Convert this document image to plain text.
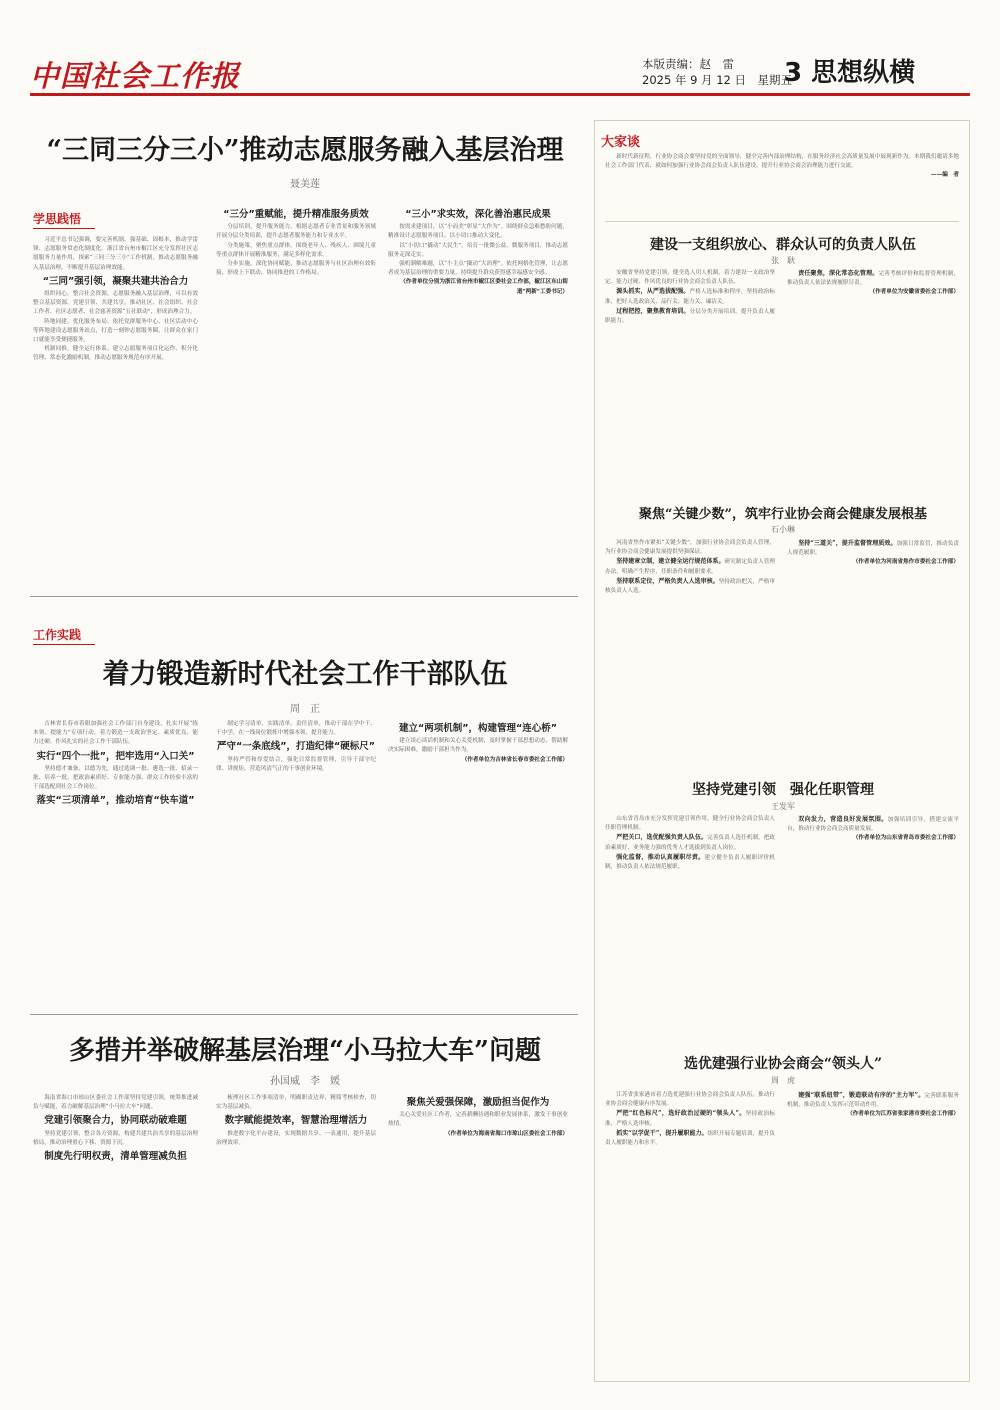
中国社会工作报	本版责编：赵　雷
2025 年 9 月 12 日　星期五
3 思想纵横
“三同三分三小”推动志愿服务融入基层治理
聂美莲
学思践悟

习近平总书记强调，要完善机制、强基础、固根本，推动学雷锋、志愿服务常态化制度化。浙江省台州市椒江区充分发挥社区志愿服务力量作用，探索“三同三分三小”工作机制，推动志愿服务融入基层治理，不断提升基层治理效能。

“三同”强引领，凝聚共建共治合力

组织同心，整合社会资源。志愿服务融入基层治理，可以有效整合基层资源。党建引领、共建共享，推动社区、社会组织、社会工作者、社区志愿者、社会慈善资源“五社联动”，形成治理合力。

阵地同建，优化服务布局。依托党群服务中心、社区活动中心等阵地建设志愿服务站点，打造一刻钟志愿服务圈，让群众在家门口就能享受便捷服务。

机制同推，健全运行体系。建立志愿服务项目化运作、积分化管理、常态化激励机制，推动志愿服务规范有序开展。

“三分”重赋能，提升精准服务质效

分层培训，提升服务能力。根据志愿者专业背景和服务领域开展分层分类培训，提升志愿者服务能力和专业水平。

分类施策，聚焦重点群体。围绕老年人、残疾人、困境儿童等重点群体开展精准服务，满足多样化需求。

分步实施，深化协同赋能。推动志愿服务与社区治理有效衔接，形成上下联动、协同推进的工作格局。

“三小”求实效，深化善治惠民成果

按需求建项目，以“小而美”彰显“大作为”。围绕群众急难愁盼问题，精准设计志愿服务项目，以小切口推动大变化。

以“小切口”撬动“大民生”。培育一批微公益、微服务项目，推动志愿服务走深走实。

强机制解难题，以“小主点”撬动“大治理”。依托网格化管理，让志愿者成为基层治理的重要力量，持续提升群众获得感幸福感安全感。

（作者单位分别为浙江省台州市椒江区委社会工作部，椒江区东山街道“两新”工委书记）

工作实践
着力锻造新时代社会工作干部队伍
周　正

吉林省长春市着眼加强社会工作部门自身建设，扎实开展“练本领、提能力”专项行动，着力锻造一支政治坚定、素质优良、能力过硬、作风扎实的社会工作干部队伍。

实行“四个一批”，把牢选用“入口关”

坚持德才兼备、以德为先，通过选调一批、遴选一批、招录一批、培养一批，把政治素质好、专业能力强、群众工作经验丰富的干部选配到社会工作岗位。

落实“三项清单”，推动培育“快车道”

制定学习清单、实践清单、责任清单，推动干部在学中干、干中学，在一线岗位锻炼中增强本领、提升能力。

严守“一条底线”，打造纪律“硬标尺”

坚持严管和厚爱结合，强化日常监督管理，引导干部守纪律、讲规矩，营造风清气正的干事创业环境。

建立“两项机制”，构建管理“连心桥”

建立谈心谈话机制和关心关爱机制，及时掌握干部思想动态，帮助解决实际困难，激励干部担当作为。

（作者单位为吉林省长春市委社会工作部）

多措并举破解基层治理“小马拉大车”问题
孙国威　李　媛

海南省海口市琼山区委社会工作部坚持党建引领，统筹推进减负与赋能，着力破解基层治理“小马拉大车”问题。

党建引领聚合力，协同联动破难题

坚持党建引领，整合各方资源，构建共建共治共享的基层治理格局，推动治理重心下移、资源下沉。

制度先行明权责，清单管理减负担

梳理社区工作事项清单，明确职责边界，精简考核检查，切实为基层减负。

数字赋能提效率，智慧治理增活力

推进数字化平台建设，实现数据共享、一表通用，提升基层治理效率。

聚焦关爱强保障，激励担当促作为

关心关爱社区工作者，完善薪酬待遇和职业发展体系，激发干事创业热情。

（作者单位为海南省海口市琼山区委社会工作部）

大家谈

新时代新征程，行业协会商会要坚持党的全面领导，健全完善内部治理结构，在服务经济社会高质量发展中展现新作为。本期我们邀请多地社会工作部门代表，就如何加强行业协会商会负责人队伍建设、提升行业协会商会治理能力进行交流。

——编　者

建设一支组织放心、群众认可的负责人队伍
张　耿

安徽省坚持党建引领，健全选人用人机制，着力建设一支政治坚定、能力过硬、作风优良的行业协会商会负责人队伍。

源头抓实，从严选拔配强。严格人选标准和程序，坚持政治标准，把好人选政治关、品行关、能力关、廉洁关。

过程把控，聚焦教育培训。分层分类开展培训，提升负责人履职能力。

责任聚焦，深化常态化管理。完善考核评价和监督管理机制，推动负责人依法依规履职尽责。

（作者单位为安徽省委社会工作部）

聚焦“关键少数”，筑牢行业协会商会健康发展根基
石小琳

河南省焦作市紧扣“关键少数”，加强行业协会商会负责人管理，为行业协会商会健康发展提供坚强保证。

坚持建章立制，建立健全运行规范体系。研究制定负责人管理办法，明确产生程序、任职条件和履职要求。

坚持联系定位，严格负责人人选审核。坚持政治把关，严格审核负责人人选。

坚持“三道关”，提升监督管理质效。加强日常监管，推动负责人规范履职。

（作者单位为河南省焦作市委社会工作部）

坚持党建引领　强化任职管理
王发军

山东省青岛市充分发挥党建引领作用，健全行业协会商会负责人任职管理机制。

严把关口，选优配强负责人队伍。完善负责人选任机制，把政治素质好、业务能力强的优秀人才选拔到负责人岗位。

强化监督，推动认真履职尽责。建立健全负责人履职评价机制，推动负责人依法规范履职。

双向发力，营造良好发展氛围。加强培训引导，搭建交流平台，推动行业协会商会高质量发展。

（作者单位为山东省青岛市委社会工作部）

选优建强行业协会商会“领头人”
周　虎

江苏省张家港市着力选优建强行业协会商会负责人队伍，推动行业协会商会健康有序发展。

严把“红色标尺”，选好政治过硬的“领头人”。坚持政治标准，严格人选审核。

抓实“以学促干”，提升履职能力。组织开展专题培训，提升负责人履职能力和水平。

建强“联系纽带”，锻造联动有序的“主力军”。完善联系服务机制，推动负责人发挥示范带动作用。

（作者单位为江苏省张家港市委社会工作部）
